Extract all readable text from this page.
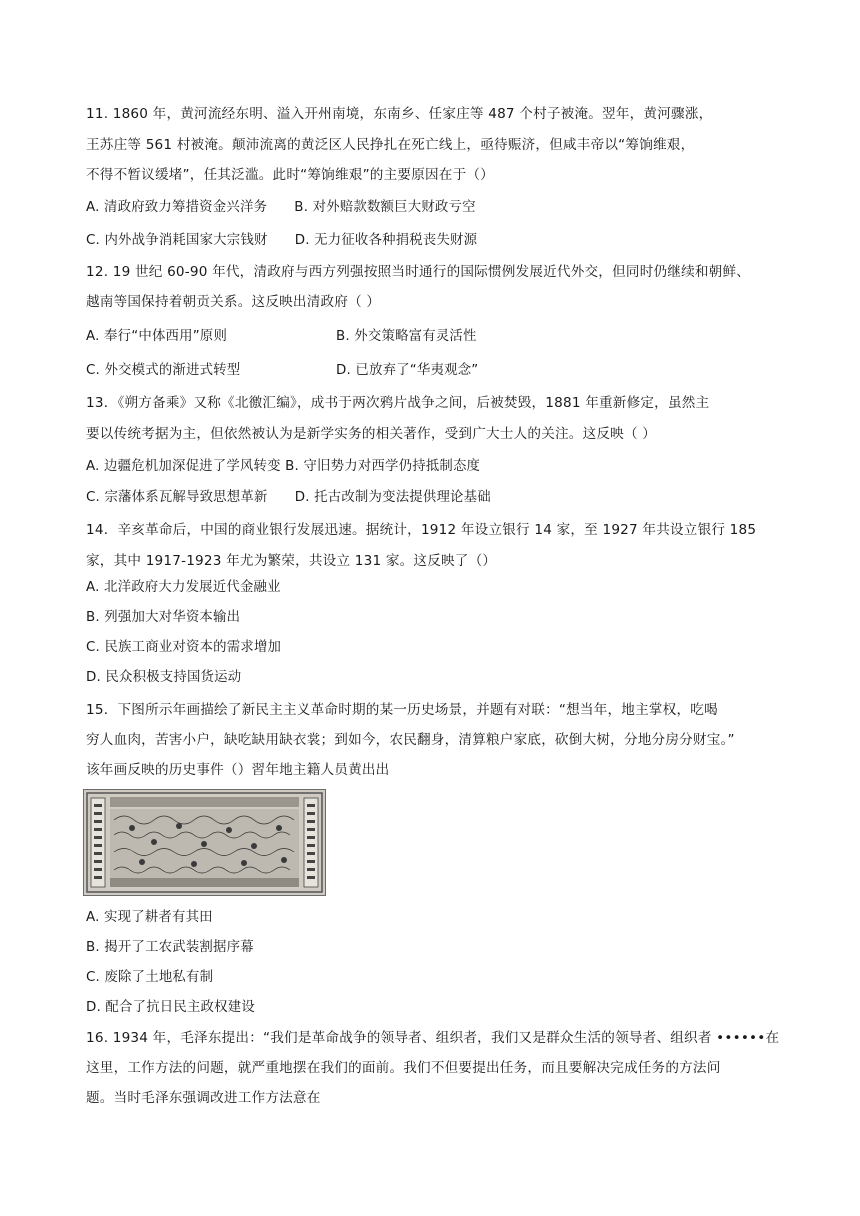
11. 1860 年，黄河流经东明、溢入开州南境，东南乡、任家庄等 487 个村子被淹。翌年，黄河骤涨，
王苏庄等 561 村被淹。颠沛流离的黄泛区人民挣扎在死亡线上，亟待赈济，但咸丰帝以“筹饷维艰，
不得不暂议缓堵”，任其泛滥。此时“筹饷维艰”的主要原因在于（）
A. 清政府致力筹措资金兴洋务　　B. 对外赔款数额巨大财政亏空
C. 内外战争消耗国家大宗钱财　　D. 无力征收各种捐税丧失财源
12. 19 世纪 60-90 年代，清政府与西方列强按照当时通行的国际惯例发展近代外交，但同时仍继续和朝鲜、
越南等国保持着朝贡关系。这反映出清政府（ ）
A. 奉行“中体西用”原则	B. 外交策略富有灵活性
C. 外交模式的渐进式转型	D. 已放弃了“华夷观念”
13．《朔方备乘》又称《北徼汇编》，成书于两次鸦片战争之间，后被焚毁，1881 年重新修定，虽然主
要以传统考据为主，但依然被认为是新学实务的相关著作，受到广大士人的关注。这反映（ ）
A. 边疆危机加深促进了学风转变 B. 守旧势力对西学仍持抵制态度
C. 宗藩体系瓦解导致思想革新　　D. 托古改制为变法提供理论基础
14．辛亥革命后，中国的商业银行发展迅速。据统计，1912 年设立银行 14 家，至 1927 年共设立银行 185
家，其中 1917-1923 年尤为繁荣，共设立 131 家。这反映了（）
A. 北洋政府大力发展近代金融业
B. 列强加大对华资本输出
C. 民族工商业对资本的需求增加
D. 民众积极支持国货运动
15．下图所示年画描绘了新民主主义革命时期的某一历史场景，并题有对联：“想当年，地主掌权，吃喝
穷人血肉，苦害小户，缺吃缺用缺衣裳；到如今，农民翻身，清算粮户家底，砍倒大树，分地分房分财宝。”
该年画反映的历史事件（）習年地主籍人员黄出出
A. 实现了耕者有其田
B. 揭开了工农武装割据序幕
C. 废除了土地私有制
D. 配合了抗日民主政权建设
16. 1934 年，毛泽东提出：“我们是革命战争的领导者、组织者，我们又是群众生活的领导者、组织者 ••••••在
这里，工作方法的问题，就严重地摆在我们的面前。我们不但要提出任务，而且要解决完成任务的方法问
题。当时毛泽东强调改进工作方法意在
